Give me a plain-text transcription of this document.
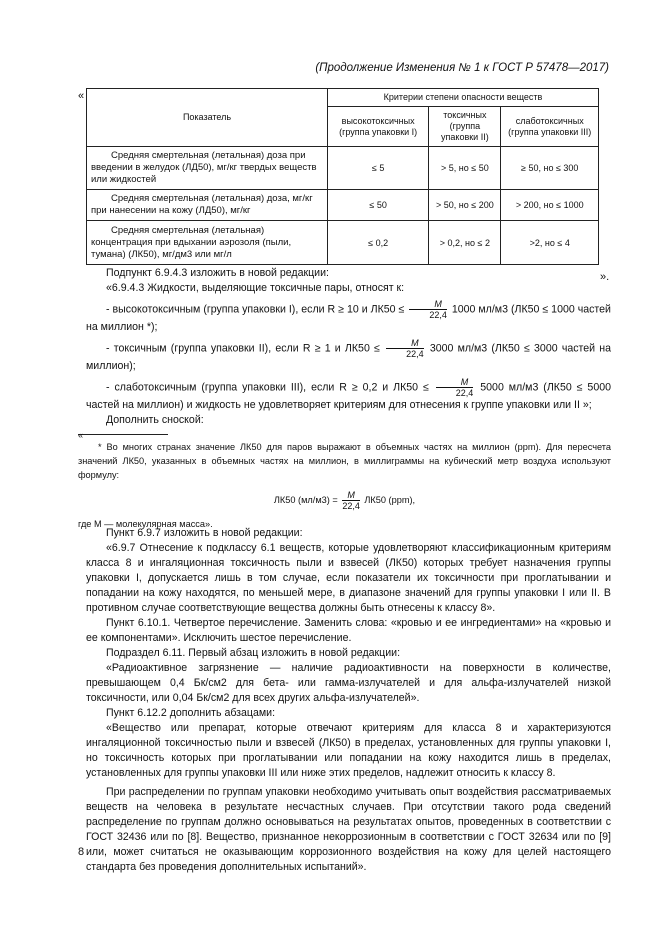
(Продолжение Изменения № 1 к ГОСТ Р 57478—2017)
«
Показатель	Критерии степени опасности веществ		
	высокотоксичных (группа упаковки I)	токсичных (группа упаковки II)	слаботоксичных (группа упаковки III)
Средняя смертельная (летальная) доза при введении в желудок (ЛД50), мг/кг твердых веществ или жидкостей	≤ 5	> 5, но ≤ 50	≥ 50, но ≤ 300
Средняя смертельная (летальная) доза, мг/кг при нанесении на кожу (ЛД50), мг/кг	≤ 50	> 50, но ≤ 200	> 200, но ≤ 1000
Средняя смертельная (летальная) концентрация при вдыхании аэрозоля (пыли, тумана) (ЛК50), мг/дм3 или мг/л	≤ 0,2	> 0,2, но ≤ 2	>2, но ≤ 4
».

Подпункт 6.9.4.3 изложить в новой редакции:

«6.9.4.3 Жидкости, выделяющие токсичные пары, относят к:

- высокотоксичным (группа упаковки I), если R ≥ 10 и $ЛК50 \le \frac{M}{22,4} 1000$ мл/м3 (ЛК50 ≤ 1000 частей на миллион *);

- токсичным (группа упаковки II), если R ≥ 1 и $ЛК50 \le \frac{M}{22,4} 3000$ мл/м3 (ЛК50 ≤ 3000 частей на миллион);

- слаботоксичным (группа упаковки III), если R ≥ 0,2 и $ЛК50 \le \frac{M}{22,4} 5000$ мл/м3 (ЛК50 ≤ 5000 частей на миллион) и жидкость не удовлетворяет критериям для отнесения к группе упаковки или II »;

Дополнить сноской:

«

* Во многих странах значение ЛК50 для паров выражают в объемных частях на миллион (ppm). Для пересчета значений ЛК50, указанных в объемных частях на миллион, в миллиграммы на кубический метр воздуха используют формулу:

ЛК50 $(мл/м3) = \frac{M}{22,4} ЛК50$ (ppm),

где M — молекулярная масса».

Пункт 6.9.7 изложить в новой редакции:

«6.9.7 Отнесение к подклассу 6.1 веществ, которые удовлетворяют классификационным критериям класса 8 и ингаляционная токсичность пыли и взвесей (ЛК50) которых требует назначения группы упаковки I, допускается лишь в том случае, если показатели их токсичности при проглатывании и попадании на кожу находятся, по меньшей мере, в диапазоне значений для группы упаковки I или II. В противном случае соответствующие вещества должны быть отнесены к классу 8».

Пункт 6.10.1. Четвертое перечисление. Заменить слова: «кровью и ее ингредиентами» на «кровью и ее компонентами». Исключить шестое перечисление.

Подраздел 6.11. Первый абзац изложить в новой редакции:

«Радиоактивное загрязнение — наличие радиоактивности на поверхности в количестве, превышающем 0,4 Бк/см2 для бета- или гамма-излучателей и для альфа-излучателей низкой токсичности, или 0,04 Бк/см2 для всех других альфа-излучателей».

Пункт 6.12.2 дополнить абзацами:

«Вещество или препарат, которые отвечают критериям для класса 8 и характеризуются ингаляционной токсичностью пыли и взвесей (ЛК50) в пределах, установленных для группы упаковки I, но токсичность которых при проглатывании или попадании на кожу находится лишь в пределах, установленных для группы упаковки III или ниже этих пределов, надлежит относить к классу 8.

При распределении по группам упаковки необходимо учитывать опыт воздействия рассматриваемых веществ на человека в результате несчастных случаев. При отсутствии такого рода сведений распределение по группам должно основываться на результатах опытов, проведенных в соответствии с ГОСТ 32436 или по [8]. Вещество, признанное некоррозионным в соответствии с ГОСТ 32634 или по [9] или, может считаться не оказывающим коррозионного воздействия на кожу для целей настоящего стандарта без проведения дополнительных испытаний».

8
